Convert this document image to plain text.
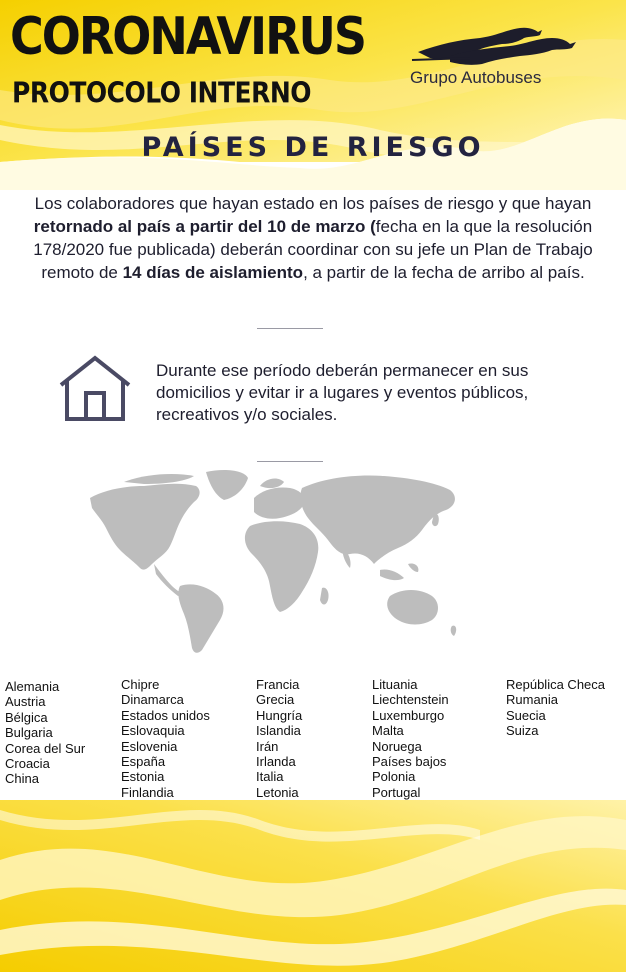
CORONAVIRUS
PROTOCOLO INTERNO	Grupo Autobuses
PAÍSES DE RIESGO
Los colaboradores que hayan estado en los países de riesgo y que hayan retornado al país a partir del 10 de marzo (fecha en la que la resolución 178/2020 fue publicada) deberán coordinar con su jefe un Plan de Trabajo remoto de 14 días de aislamiento, a partir de la fecha de arribo al país.
Durante ese período deberán permanecer en sus domicilios y evitar ir a lugares y eventos públicos, recreativos y/o sociales.
Alemania
Austria
Bélgica
Bulgaria
Corea del Sur
Croacia
China
Chipre
Dinamarca
Estados unidos
Eslovaquia
Eslovenia
España
Estonia
Finlandia
Francia
Grecia
Hungría
Islandia
Irán
Irlanda
Italia
Letonia
Lituania
Liechtenstein
Luxemburgo
Malta
Noruega
Países bajos
Polonia
Portugal
República Checa
Rumania
Suecia
Suiza
